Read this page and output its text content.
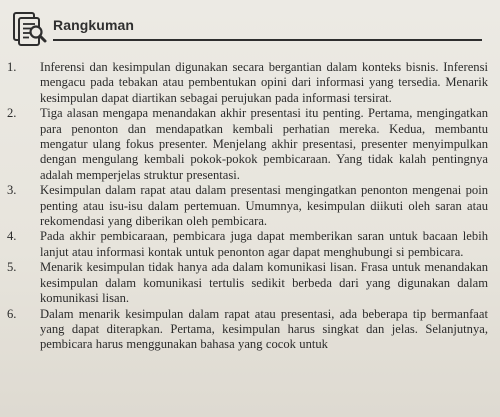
Rangkuman
1.	Inferensi dan kesimpulan digunakan secara bergantian dalam konteks bisnis. Inferensi mengacu pada tebakan atau pembentukan opini dari informasi yang tersedia. Menarik kesimpulan dapat diartikan sebagai perujukan pada informasi tersirat.
2.	Tiga alasan mengapa menandakan akhir presentasi itu penting. Pertama, mengingatkan para penonton dan mendapatkan kembali perhatian mereka. Kedua, membantu mengatur ulang fokus presenter. Menjelang akhir presentasi, presenter menyimpulkan dengan mengulang kembali pokok-pokok pembicaraan. Yang tidak kalah pentingnya adalah memperjelas struktur presentasi.
3.	Kesimpulan dalam rapat atau dalam presentasi mengingatkan penonton mengenai poin penting atau isu-isu dalam pertemuan. Umumnya, kesimpulan diikuti oleh saran atau rekomendasi yang diberikan oleh pembicara.
4.	Pada akhir pembicaraan, pembicara juga dapat memberikan saran untuk bacaan lebih lanjut atau informasi kontak untuk penonton agar dapat menghubungi si pembicara.
5.	Menarik kesimpulan tidak hanya ada dalam komunikasi lisan. Frasa untuk menandakan kesimpulan dalam komunikasi tertulis sedikit berbeda dari yang digunakan dalam komunikasi lisan.
6.	Dalam menarik kesimpulan dalam rapat atau presentasi, ada beberapa tip bermanfaat yang dapat diterapkan. Pertama, kesimpulan harus singkat dan jelas. Selanjutnya, pembicara harus menggunakan bahasa yang cocok untuk
